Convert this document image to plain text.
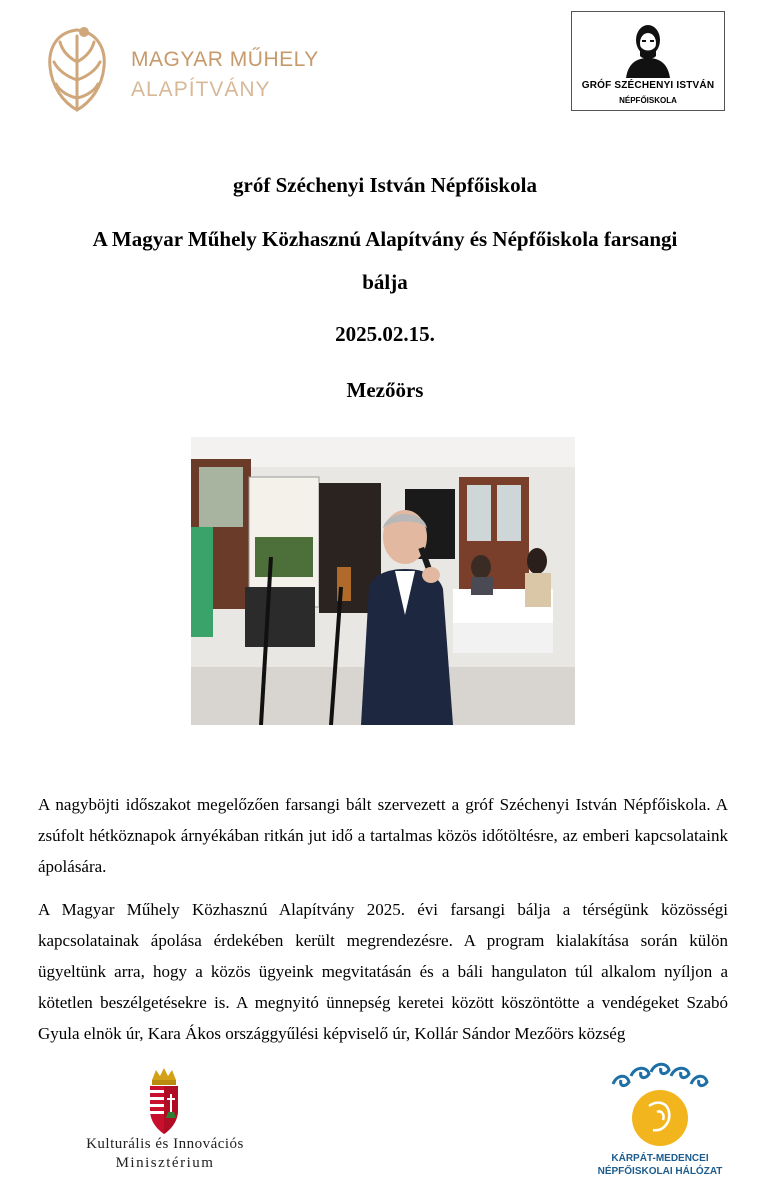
MAGYAR MŰHELY
ALAPÍTVÁNY	GRÓF SZÉCHENYI ISTVÁN
NÉPFŐISKOLA
gróf Széchenyi István Népfőiskola
A Magyar Műhely Közhasznú Alapítvány és Népfőiskola farsangi
bálja
2025.02.15.
Mezőörs
A nagyböjti időszakot megelőzően farsangi bált szervezett a gróf Széchenyi István Népfőiskola. A zsúfolt hétköznapok árnyékában ritkán jut idő a tartalmas közös időtöltésre, az emberi kapcsolataink ápolására.
A Magyar Műhely Közhasznú Alapítvány 2025. évi farsangi bálja a térségünk közösségi kapcsolatainak ápolása érdekében került megrendezésre. A program kialakítása során külön ügyeltünk arra, hogy a közös ügyeink megvitatásán és a báli hangulaton túl alkalom nyíljon a kötetlen beszélgetésekre is. A megnyitó ünnepség keretei között köszöntötte a vendégeket Szabó Gyula elnök úr, Kara Ákos országgyűlési képviselő úr, Kollár Sándor Mezőörs község
Kulturális és Innovációs
Minisztérium	KÁRPÁT-MEDENCEI
NÉPFŐISKOLAI HÁLÓZAT
